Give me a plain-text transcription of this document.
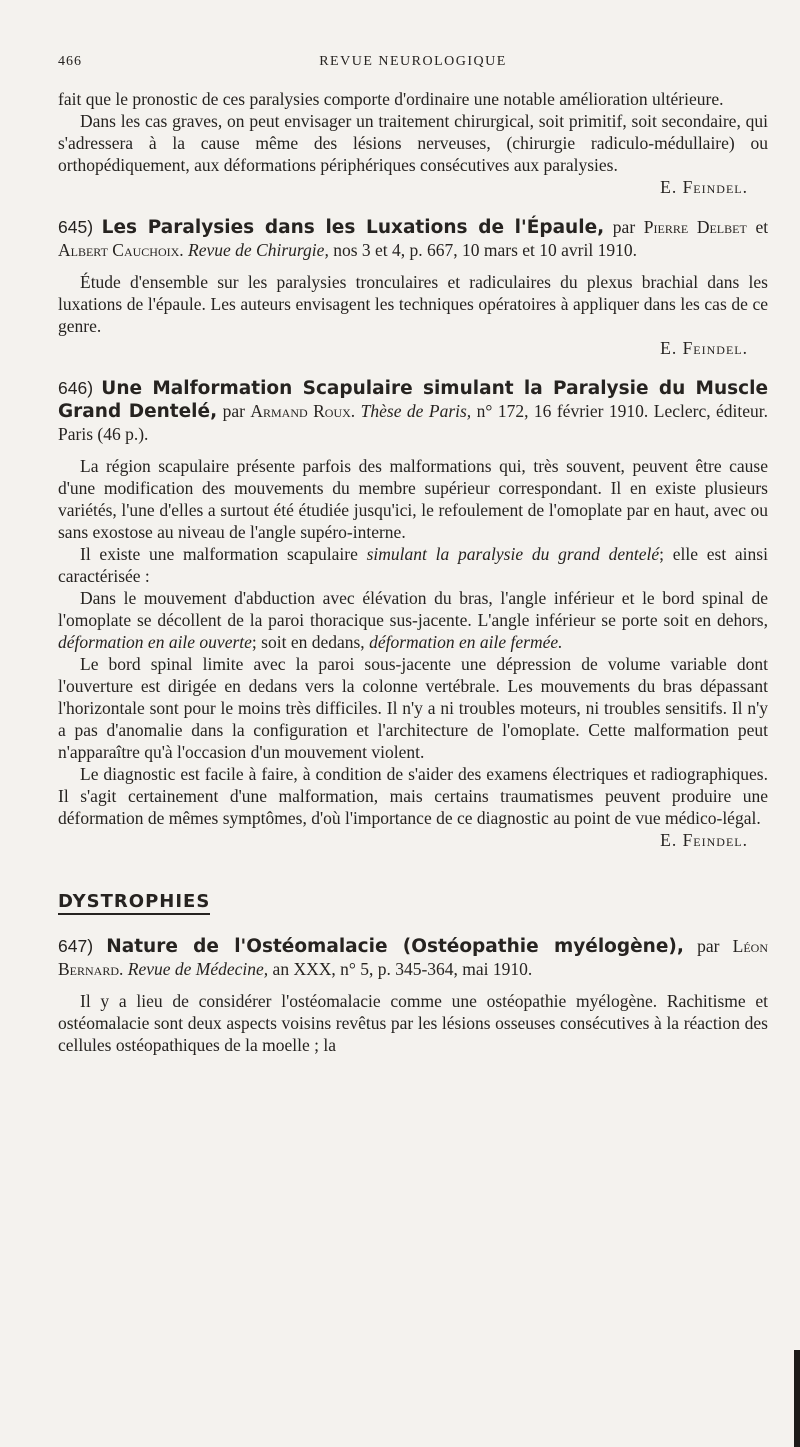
466	REVUE NEUROLOGIQUE

fait que le pronostic de ces paralysies comporte d'ordinaire une notable amélioration ultérieure.

Dans les cas graves, on peut envisager un traitement chirurgical, soit primitif, soit secondaire, qui s'adressera à la cause même des lésions nerveuses, (chirurgie radiculo-médullaire) ou orthopédiquement, aux déformations périphériques consécutives aux paralysies.

E. Feindel.

645) Les Paralysies dans les Luxations de l'Épaule, par Pierre Delbet et Albert Cauchoix. Revue de Chirurgie, nos 3 et 4, p. 667, 10 mars et 10 avril 1910.

Étude d'ensemble sur les paralysies tronculaires et radiculaires du plexus brachial dans les luxations de l'épaule. Les auteurs envisagent les techniques opératoires à appliquer dans les cas de ce genre.

E. Feindel.

646) Une Malformation Scapulaire simulant la Paralysie du Muscle Grand Dentelé, par Armand Roux. Thèse de Paris, n° 172, 16 février 1910. Leclerc, éditeur. Paris (46 p.).

La région scapulaire présente parfois des malformations qui, très souvent, peuvent être cause d'une modification des mouvements du membre supérieur correspondant. Il en existe plusieurs variétés, l'une d'elles a surtout été étudiée jusqu'ici, le refoulement de l'omoplate par en haut, avec ou sans exostose au niveau de l'angle supéro-interne.

Il existe une malformation scapulaire simulant la paralysie du grand dentelé; elle est ainsi caractérisée :

Dans le mouvement d'abduction avec élévation du bras, l'angle inférieur et le bord spinal de l'omoplate se décollent de la paroi thoracique sus-jacente. L'angle inférieur se porte soit en dehors, déformation en aile ouverte; soit en dedans, déformation en aile fermée.

Le bord spinal limite avec la paroi sous-jacente une dépression de volume variable dont l'ouverture est dirigée en dedans vers la colonne vertébrale. Les mouvements du bras dépassant l'horizontale sont pour le moins très difficiles. Il n'y a ni troubles moteurs, ni troubles sensitifs. Il n'y a pas d'anomalie dans la configuration et l'architecture de l'omoplate. Cette malformation peut n'apparaître qu'à l'occasion d'un mouvement violent.

Le diagnostic est facile à faire, à condition de s'aider des examens électriques et radiographiques. Il s'agit certainement d'une malformation, mais certains traumatismes peuvent produire une déformation de mêmes symptômes, d'où l'importance de ce diagnostic au point de vue médico-légal.

E. Feindel.

DYSTROPHIES

647) Nature de l'Ostéomalacie (Ostéopathie myélogène), par Léon Bernard. Revue de Médecine, an XXX, n° 5, p. 345-364, mai 1910.

Il y a lieu de considérer l'ostéomalacie comme une ostéopathie myélogène. Rachitisme et ostéomalacie sont deux aspects voisins revêtus par les lésions osseuses consécutives à la réaction des cellules ostéopathiques de la moelle ; la
